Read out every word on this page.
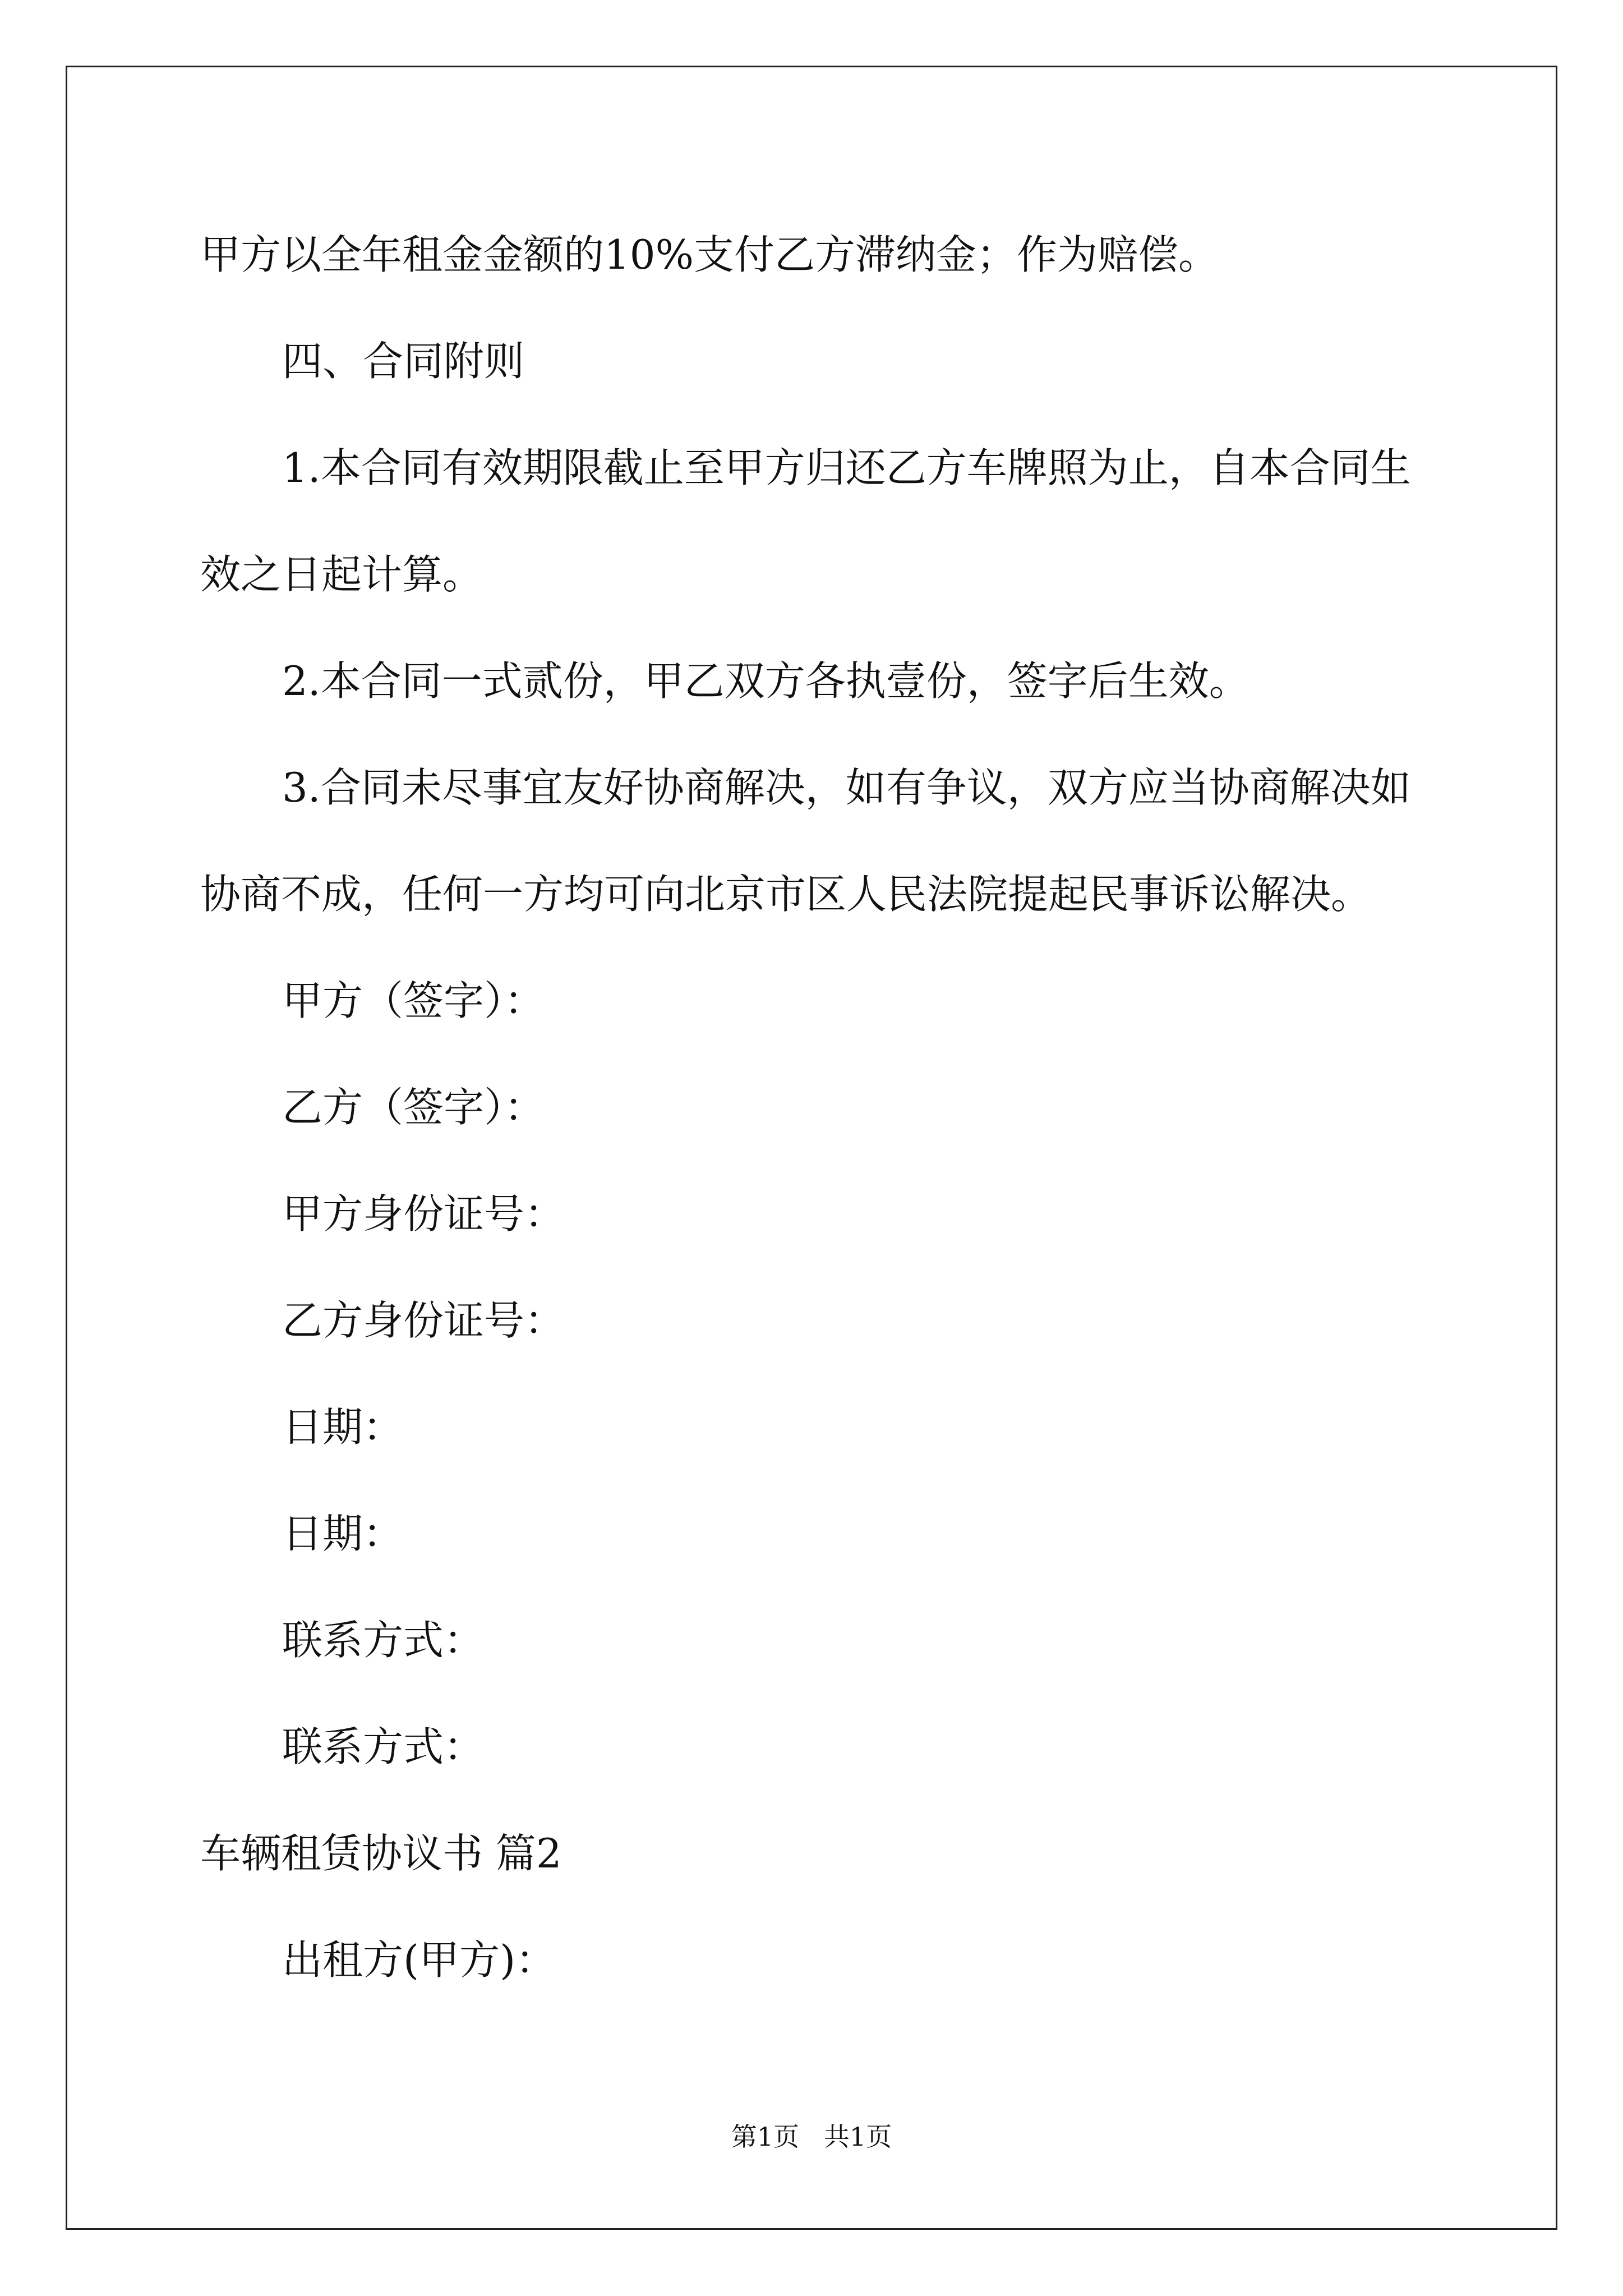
甲方以全年租金金额的10%支付乙方滞纳金；作为赔偿。
四、合同附则
1.本合同有效期限截止至甲方归还乙方车牌照为止，自本合同生
效之日起计算。
2.本合同一式贰份，甲乙双方各执壹份，签字后生效。
3.合同未尽事宜友好协商解决，如有争议，双方应当协商解决如
协商不成，任何一方均可向北京市区人民法院提起民事诉讼解决。
甲方（签字）：
乙方（签字）：
甲方身份证号：
乙方身份证号：
日期：
日期：
联系方式：
联系方式：
车辆租赁协议书 篇2
出租方(甲方)：
第1页   共1页
